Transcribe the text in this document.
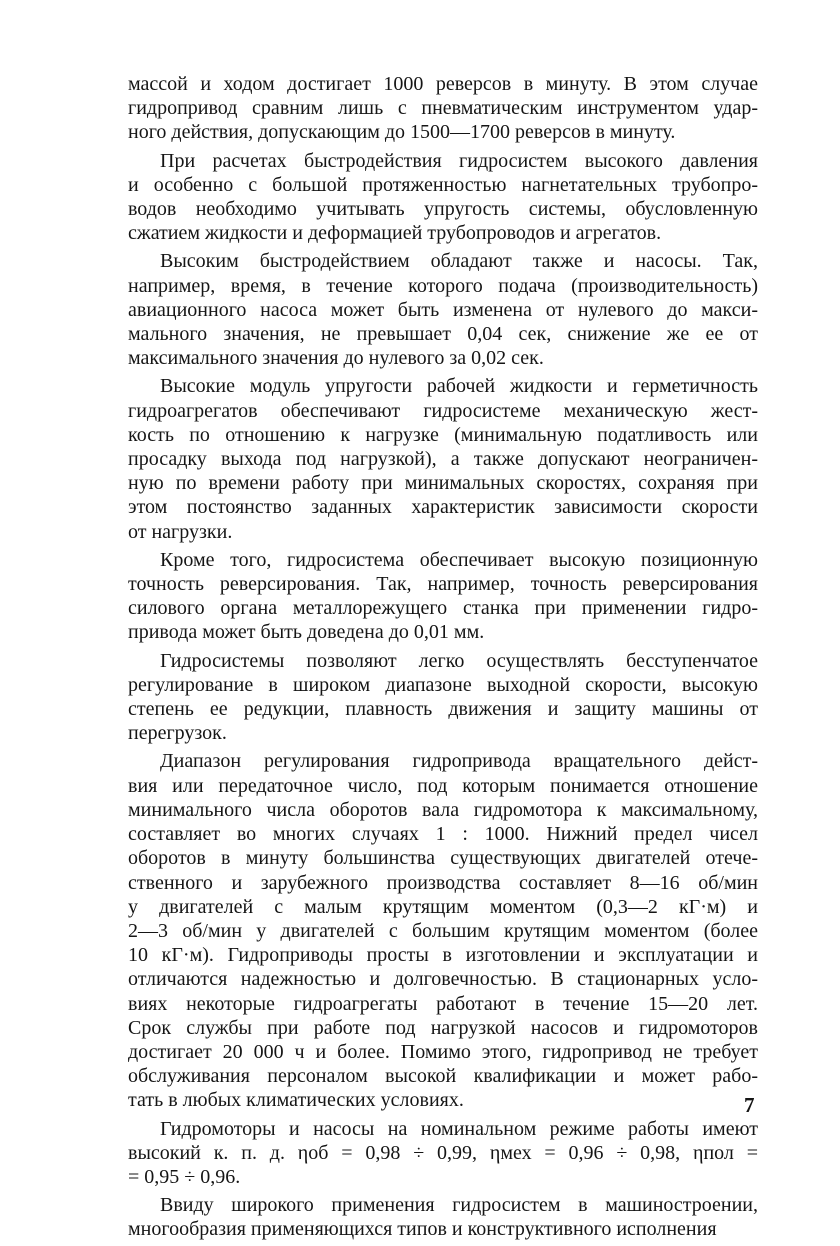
массой и ходом достигает 1000 реверсов в минуту. В этом случае
гидропривод сравним лишь с пневматическим инструментом удар-
ного действия, допускающим до 1500—1700 реверсов в минуту.

При расчетах быстродействия гидросистем высокого давления
и особенно с большой протяженностью нагнетательных трубопро-
водов необходимо учитывать упругость системы, обусловленную
сжатием жидкости и деформацией трубопроводов и агрегатов.

Высоким быстродействием обладают также и насосы. Так,
например, время, в течение которого подача (производительность)
авиационного насоса может быть изменена от нулевого до макси-
мального значения, не превышает 0,04 сек, снижение же ее от
максимального значения до нулевого за 0,02 сек.

Высокие модуль упругости рабочей жидкости и герметичность
гидроагрегатов обеспечивают гидросистеме механическую жест-
кость по отношению к нагрузке (минимальную податливость или
просадку выхода под нагрузкой), а также допускают неограничен-
ную по времени работу при минимальных скоростях, сохраняя при
этом постоянство заданных характеристик зависимости скорости
от нагрузки.

Кроме того, гидросистема обеспечивает высокую позиционную
точность реверсирования. Так, например, точность реверсирования
силового органа металлорежущего станка при применении гидро-
привода может быть доведена до 0,01 мм.

Гидросистемы позволяют легко осуществлять бесступенчатое
регулирование в широком диапазоне выходной скорости, высокую
степень ее редукции, плавность движения и защиту машины от
перегрузок.

Диапазон регулирования гидропривода вращательного дейст-
вия или передаточное число, под которым понимается отношение
минимального числа оборотов вала гидромотора к максимальному,
составляет во многих случаях 1 : 1000. Нижний предел чисел
оборотов в минуту большинства существующих двигателей отече-
ственного и зарубежного производства составляет 8—16 об/мин
у двигателей с малым крутящим моментом (0,3—2 кГ·м) и
2—3 об/мин у двигателей с большим крутящим моментом (более
10 кГ·м). Гидроприводы просты в изготовлении и эксплуатации и
отличаются надежностью и долговечностью. В стационарных усло-
виях некоторые гидроагрегаты работают в течение 15—20 лет.
Срок службы при работе под нагрузкой насосов и гидромоторов
достигает 20 000 ч и более. Помимо этого, гидропривод не требует
обслуживания персоналом высокой квалификации и может рабо-
тать в любых климатических условиях.

Гидромоторы и насосы на номинальном режиме работы имеют
высокий к. п. д. ηоб = 0,98 ÷ 0,99, ηмех = 0,96 ÷ 0,98, ηпол =
= 0,95 ÷ 0,96.

Ввиду широкого применения гидросистем в машиностроении,
многообразия применяющихся типов и конструктивного исполнения

7
